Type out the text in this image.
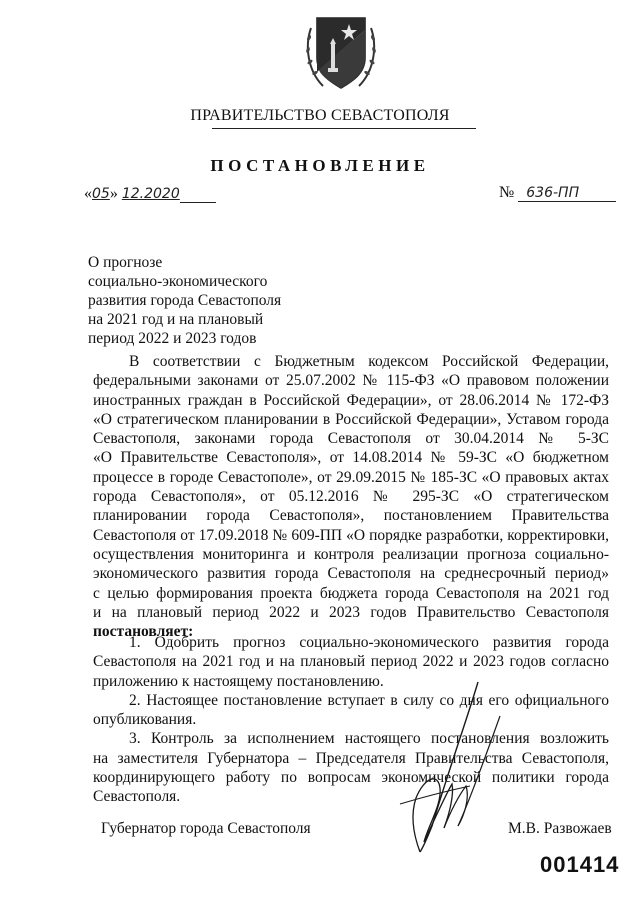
ПРАВИТЕЛЬСТВО СЕВАСТОПОЛЯ
ПОСТАНОВЛЕНИЕ
«05» 12.2020	№ 636-ПП
О прогнозе
социально-экономического
развития города Севастополя
на 2021 год и на плановый
период 2022 и 2023 годов
В соответствии с Бюджетным кодексом Российской Федерации,
федеральными законами от 25.07.2002 № 115-ФЗ «О правовом положении
иностранных граждан в Российской Федерации», от 28.06.2014 № 172-ФЗ
«О стратегическом планировании в Российской Федерации», Уставом города
Севастополя, законами города Севастополя от 30.04.2014 № 5-ЗС
«О Правительстве Севастополя», от 14.08.2014 № 59-ЗС «О бюджетном
процессе в городе Севастополе», от 29.09.2015 № 185-ЗС «О правовых актах
города Севастополя», от 05.12.2016 № 295-ЗС «О стратегическом
планировании города Севастополя», постановлением Правительства
Севастополя от 17.09.2018 № 609-ПП «О порядке разработки, корректировки,
осуществления мониторинга и контроля реализации прогноза социально-
экономического развития города Севастополя на среднесрочный период»
с целью формирования проекта бюджета города Севастополя на 2021 год
и на плановый период 2022 и 2023 годов Правительство Севастополя
постановляет:
1. Одобрить прогноз социально-экономического развития города
Севастополя на 2021 год и на плановый период 2022 и 2023 годов согласно
приложению к настоящему постановлению.
2. Настоящее постановление вступает в силу со дня его официального
опубликования.
3. Контроль за исполнением настоящего постановления возложить
на заместителя Губернатора – Председателя Правительства Севастополя,
координирующего работу по вопросам экономической политики города
Севастополя.
Губернатор города Севастополя	М.В. Развожаев
001414
